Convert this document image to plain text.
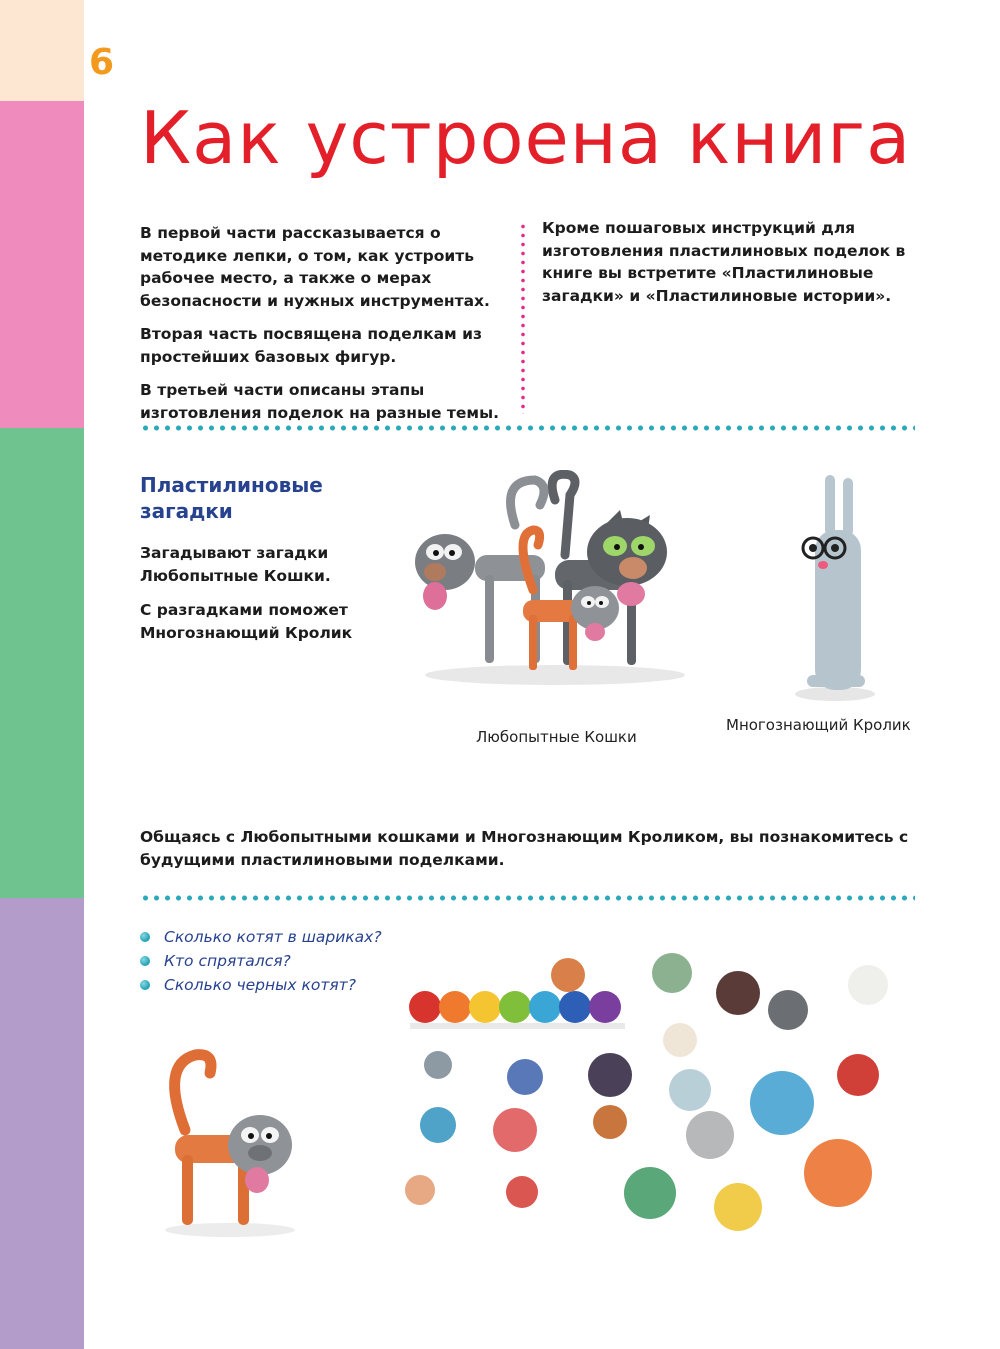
6
Как устроена книга

В первой части рассказывается о методике лепки, о том, как устроить рабочее место, а также о мерах безопасности и нужных инструментах.

Вторая часть посвящена поделкам из простейших базовых фигур.

В третьей части описаны этапы изготовления поделок на разные темы.

Кроме пошаговых инструкций для изготовления пластилиновых поделок в книге вы встретите «Пластилиновые загадки» и «Пластилиновые истории».

Пластилиновые загадки

Загадывают загадки Любопытные Кошки.

С разгадками поможет Многознающий Кролик

Любопытные Кошки
Многознающий Кролик

Общаясь с Любопытными кошками и Многознающим Кроликом, вы познакомитесь с будущими пластилиновыми поделками.

Сколько котят в шариках?
Кто спрятался?
Сколько черных котят?
